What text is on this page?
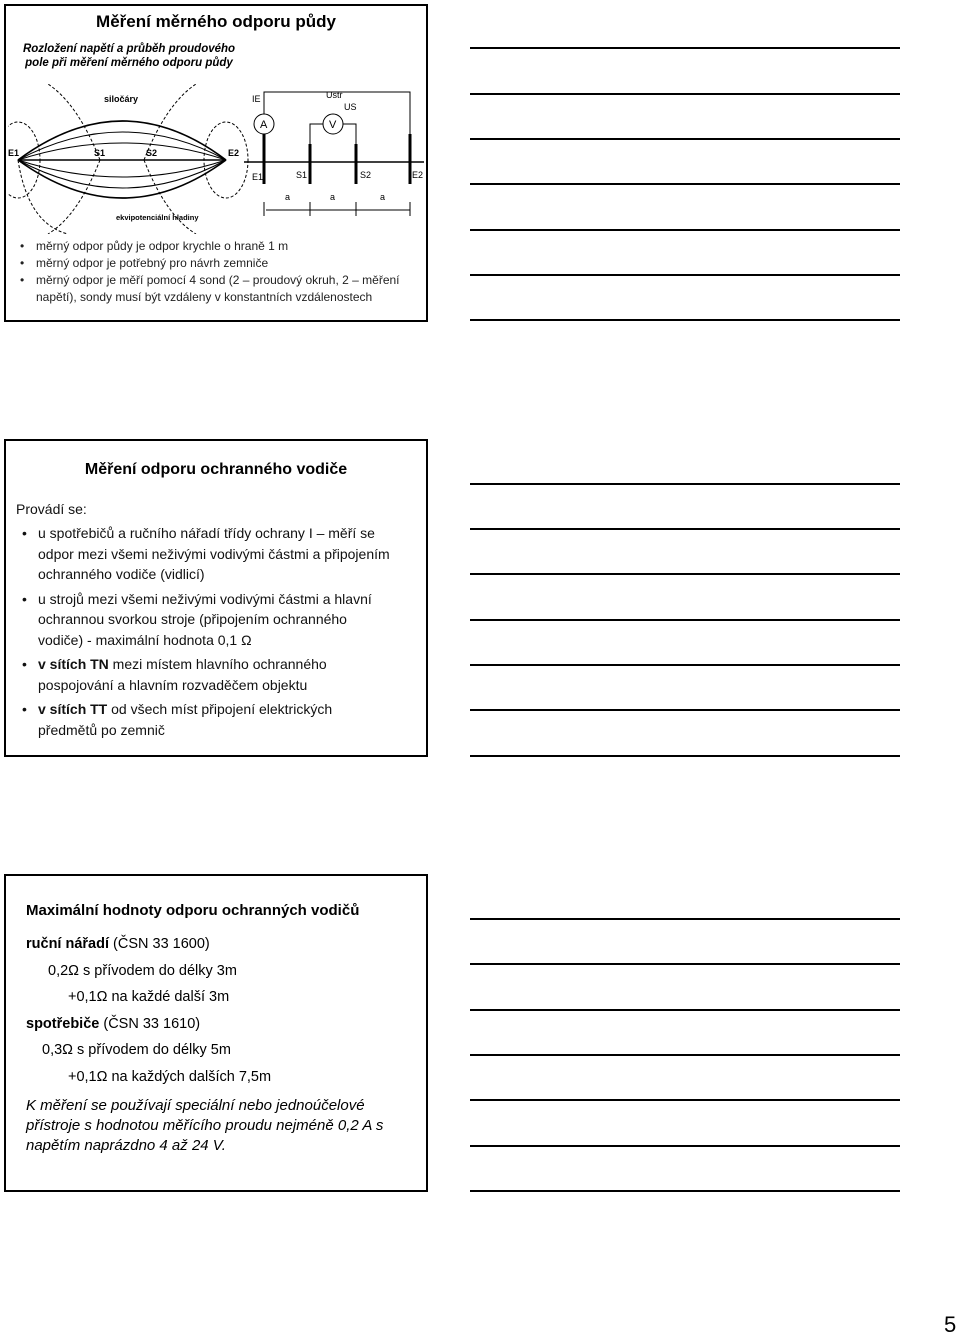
Měření měrného odporu půdy
Rozložení napětí a průběh proudového pole při měření měrného odporu půdy
siločáry
ekvipotenciální hladiny
E1	S1	S2	E2
IE	Ustř
US
A	V
E1	S1	S2	E2
a	a	a
• měrný odpor půdy je odpor krychle o hraně 1 m
• měrný odpor je potřebný pro návrh zemniče
• měrný odpor je měří pomocí 4 sond (2 – proudový okruh, 2 – měření napětí), sondy musí být vzdáleny v konstantních vzdálenostech
Měření odporu ochranného vodiče
Provádí se:
• u spotřebičů a ručního nářadí třídy ochrany I – měří se odpor mezi všemi neživými vodivými částmi a připojením ochranného vodiče (vidlicí)
• u strojů mezi všemi neživými vodivými částmi a hlavní ochrannou svorkou stroje (připojením ochranného vodiče) - maximální hodnota 0,1 Ω
• v sítích TN mezi místem hlavního ochranného pospojování a hlavním rozvaděčem objektu
• v sítích TT od všech míst připojení elektrických předmětů po zemnič
Maximální hodnoty odporu ochranných vodičů
ruční nářadí (ČSN 33 1600)
0,2Ω s přívodem do délky 3m
+0,1Ω na každé další 3m
spotřebiče (ČSN 33 1610)
0,3Ω s přívodem do délky 5m
+0,1Ω na každých dalších 7,5m
K měření se používají speciální nebo jednoúčelové přístroje s hodnotou měřícího proudu nejméně 0,2 A s napětím naprázdno 4 až 24 V.
5
